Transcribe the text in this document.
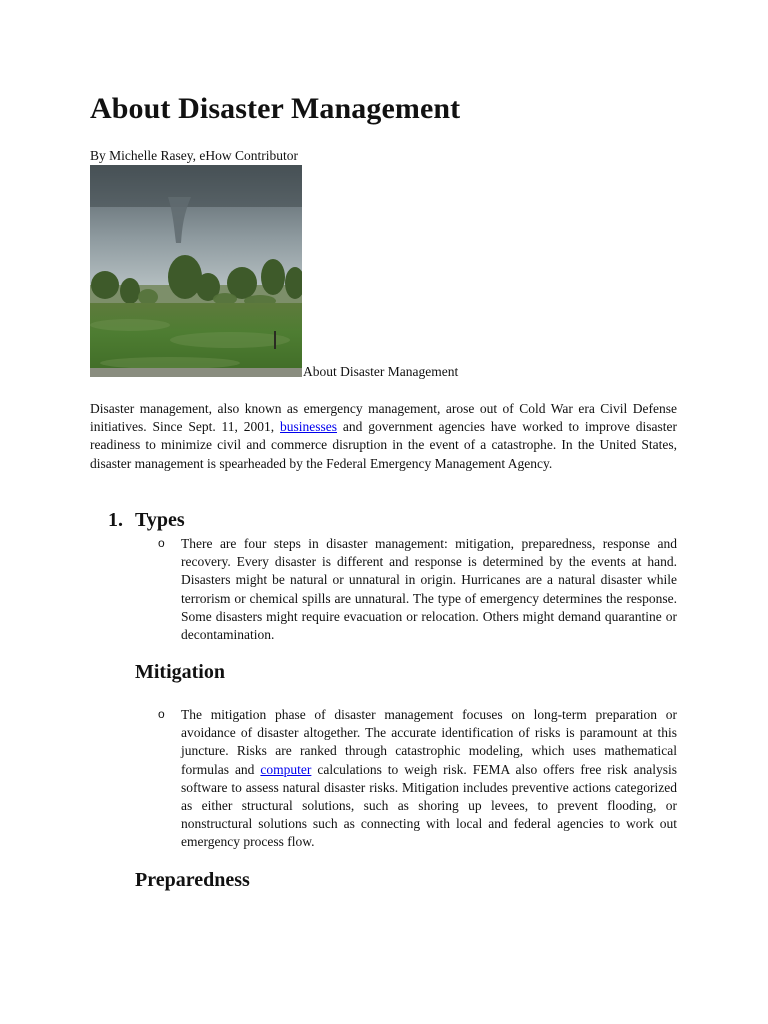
About Disaster Management
By Michelle Rasey, eHow Contributor
About Disaster Management

Disaster management, also known as emergency management, arose out of Cold War era Civil Defense initiatives. Since Sept. 11, 2001, businesses and government agencies have worked to improve disaster readiness to minimize civil and commerce disruption in the event of a catastrophe. In the United States, disaster management is spearheaded by the Federal Emergency Management Agency.

1. Types
o There are four steps in disaster management: mitigation, preparedness, response and recovery. Every disaster is different and response is determined by the events at hand. Disasters might be natural or unnatural in origin. Hurricanes are a natural disaster while terrorism or chemical spills are unnatural. The type of emergency determines the response. Some disasters might require evacuation or relocation. Others might demand quarantine or decontamination.

Mitigation
o The mitigation phase of disaster management focuses on long-term preparation or avoidance of disaster altogether. The accurate identification of risks is paramount at this juncture. Risks are ranked through catastrophic modeling, which uses mathematical formulas and computer calculations to weigh risk. FEMA also offers free risk analysis software to assess natural disaster risks. Mitigation includes preventive actions categorized as either structural solutions, such as shoring up levees, to prevent flooding, or nonstructural solutions such as connecting with local and federal agencies to work out emergency process flow.

Preparedness
